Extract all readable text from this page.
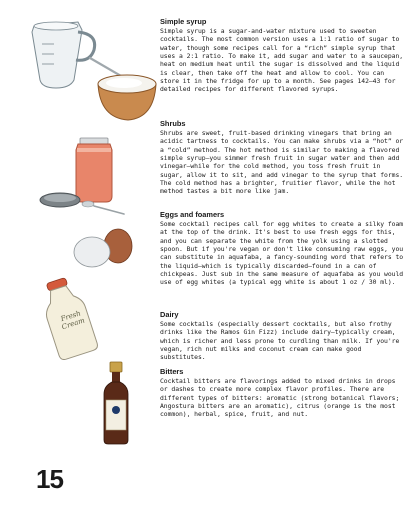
Fresh Cream
Simple syrup

Simple syrup is a sugar-and-water mixture used to sweeten cocktails. The most common version uses a 1:1 ratio of sugar to water, though some recipes call for a “rich” simple syrup that uses a 2:1 ratio. To make it, add sugar and water to a saucepan, heat on medium heat until the sugar is dissolved and the liquid is clear, then take off the heat and allow to cool. You can store it in the fridge for up to a month. See pages 142–43 for detailed recipes for different flavored syrups.

Shrubs

Shrubs are sweet, fruit-based drinking vinegars that bring an acidic tartness to cocktails. You can make shrubs via a “hot” or a “cold” method. The hot method is similar to making a flavored simple syrup—you simmer fresh fruit in sugar water and then add vinegar—while for the cold method, you toss fresh fruit in sugar, allow it to sit, and add vinegar to the syrup that forms. The cold method has a brighter, fruitier flavor, while the hot method tastes a bit more like jam.

Eggs and foamers

Some cocktail recipes call for egg whites to create a silky foam at the top of the drink. It's best to use fresh eggs for this, and you can separate the white from the yolk using a slotted spoon. But if you're vegan or don't like consuming raw eggs, you can substitute in aquafaba, a fancy-sounding word that refers to the liquid—which is typically discarded—found in a can of chickpeas. Just sub in the same measure of aquafaba as you would use of egg whites (a typical egg white is about 1 oz / 30 ml).

Dairy

Some cocktails (especially dessert cocktails, but also frothy drinks like the Ramos Gin Fizz) include dairy—typically cream, which is richer and less prone to curdling than milk. If you're vegan, rich nut milks and coconut cream can make good substitutes.

Bitters

Cocktail bitters are flavorings added to mixed drinks in drops or dashes to create more complex flavor profiles. There are different types of bitters: aromatic (strong botanical flavors; Angostura bitters are an aromatic), citrus (orange is the most common), herbal, spice, fruit, and nut.

15
